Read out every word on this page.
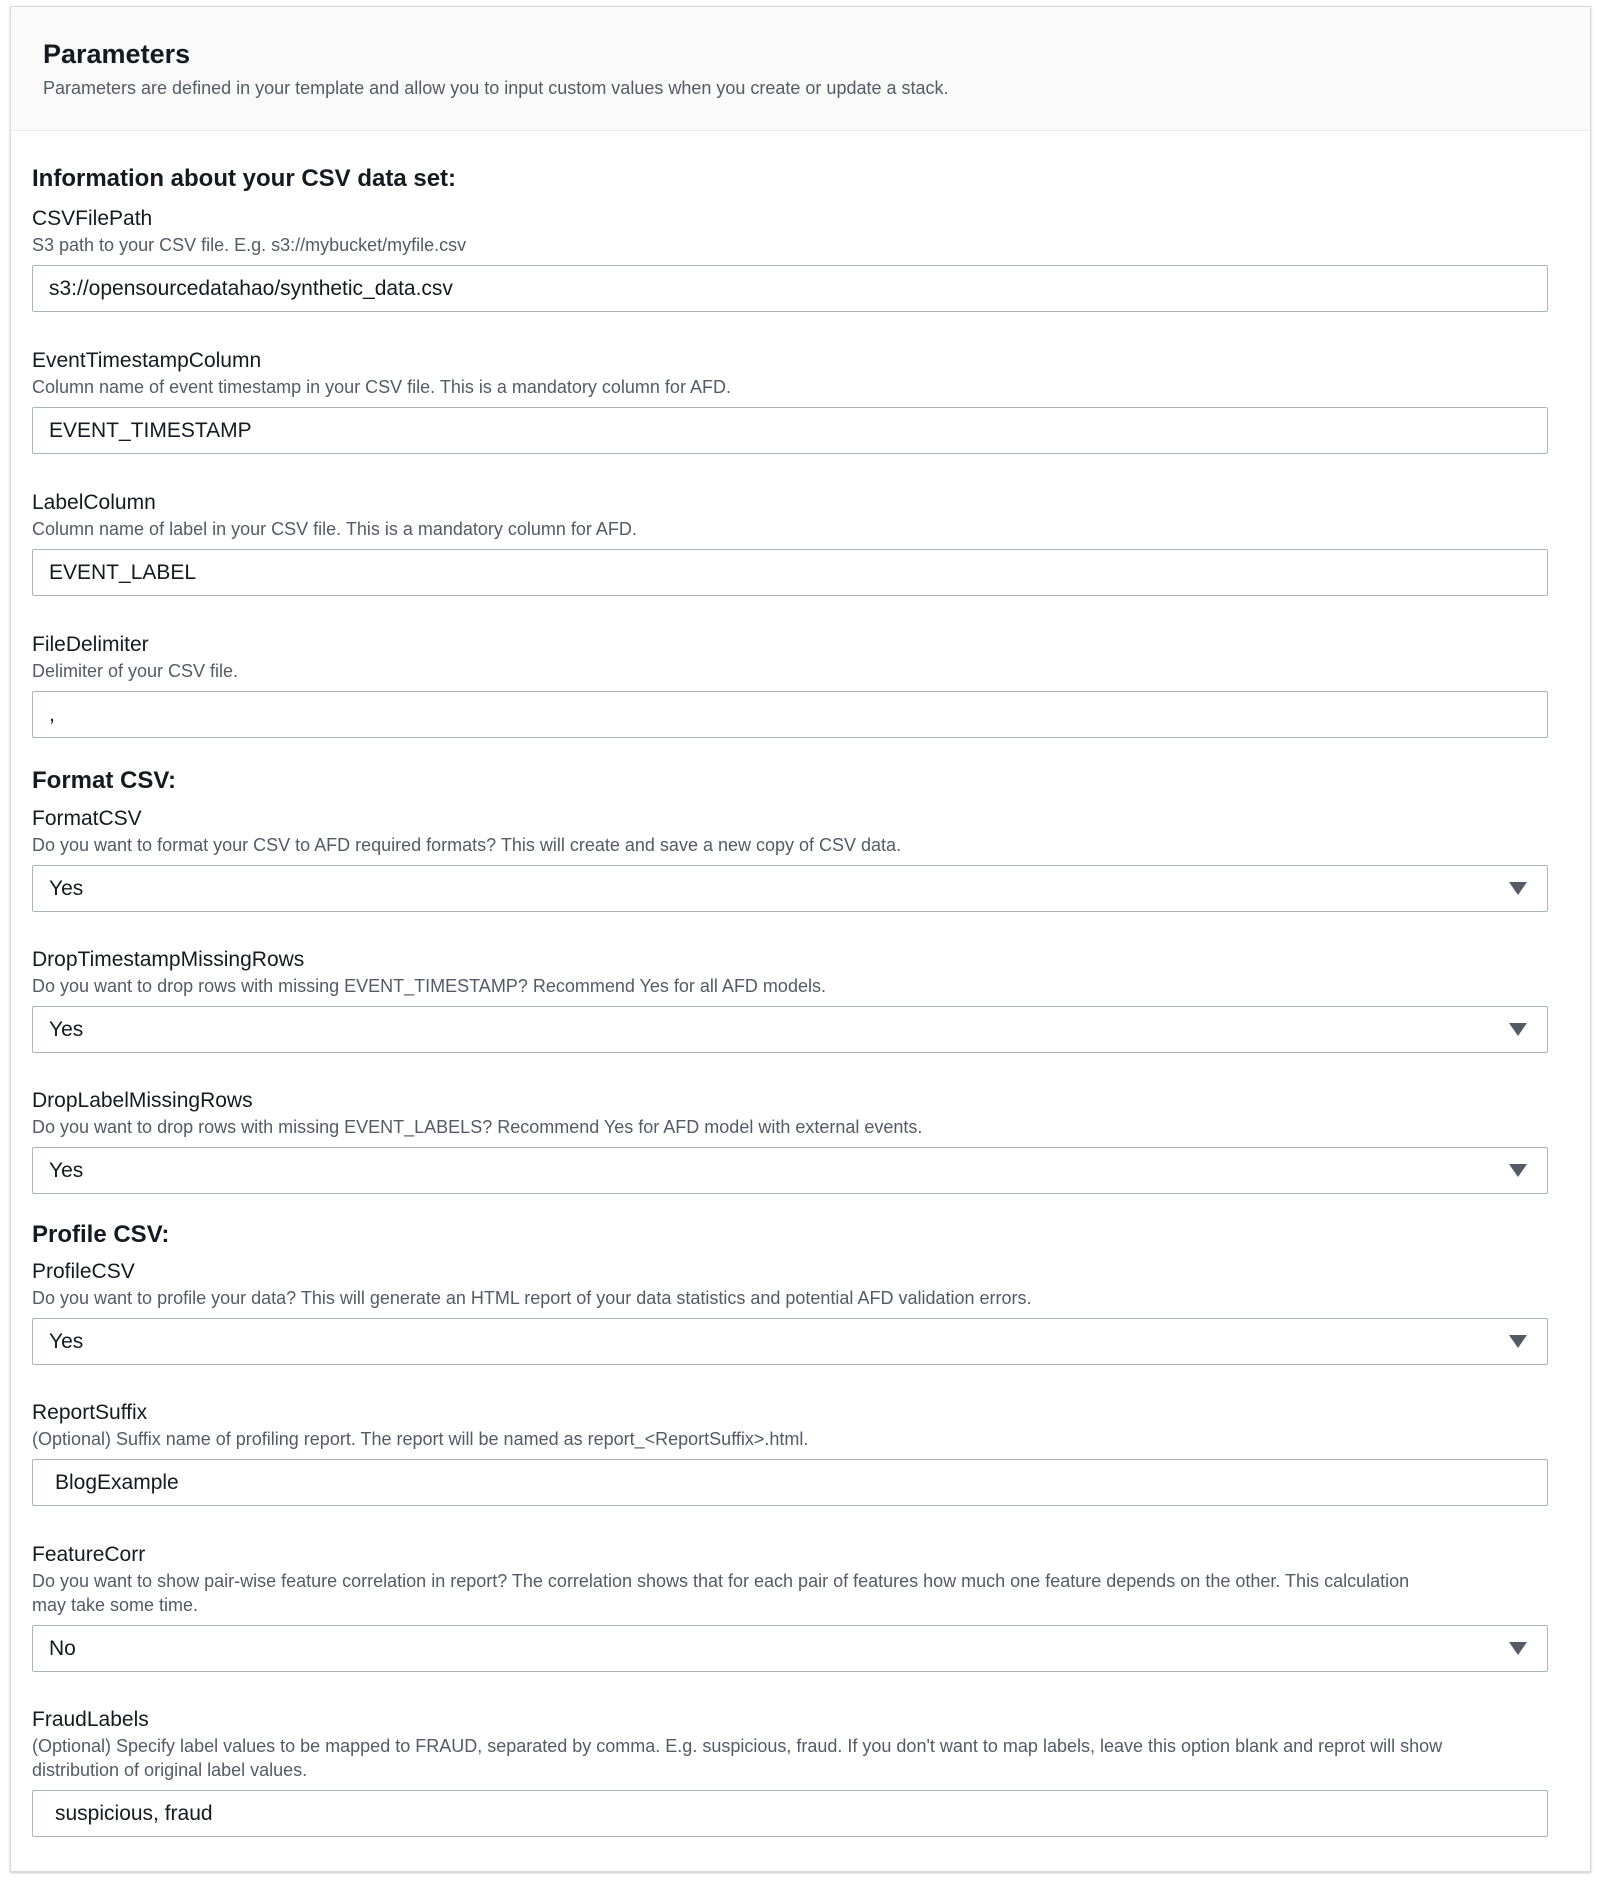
Parameters
Parameters are defined in your template and allow you to input custom values when you create or update a stack.
Information about your CSV data set:
CSVFilePath
S3 path to your CSV file. E.g. s3://mybucket/myfile.csv
s3://opensourcedatahao/synthetic_data.csv
EventTimestampColumn
Column name of event timestamp in your CSV file. This is a mandatory column for AFD.
EVENT_TIMESTAMP
LabelColumn
Column name of label in your CSV file. This is a mandatory column for AFD.
EVENT_LABEL
FileDelimiter
Delimiter of your CSV file.
,
Format CSV:
FormatCSV
Do you want to format your CSV to AFD required formats? This will create and save a new copy of CSV data.
Yes
DropTimestampMissingRows
Do you want to drop rows with missing EVENT_TIMESTAMP? Recommend Yes for all AFD models.
Yes
DropLabelMissingRows
Do you want to drop rows with missing EVENT_LABELS? Recommend Yes for AFD model with external events.
Yes
Profile CSV:
ProfileCSV
Do you want to profile your data? This will generate an HTML report of your data statistics and potential AFD validation errors.
Yes
ReportSuffix
(Optional) Suffix name of profiling report. The report will be named as report_<ReportSuffix>.html.
BlogExample
FeatureCorr
Do you want to show pair-wise feature correlation in report? The correlation shows that for each pair of features how much one feature depends on the other. This calculation
may take some time.
No
FraudLabels
(Optional) Specify label values to be mapped to FRAUD, separated by comma. E.g. suspicious, fraud. If you don't want to map labels, leave this option blank and reprot will show
distribution of original label values.
suspicious, fraud
